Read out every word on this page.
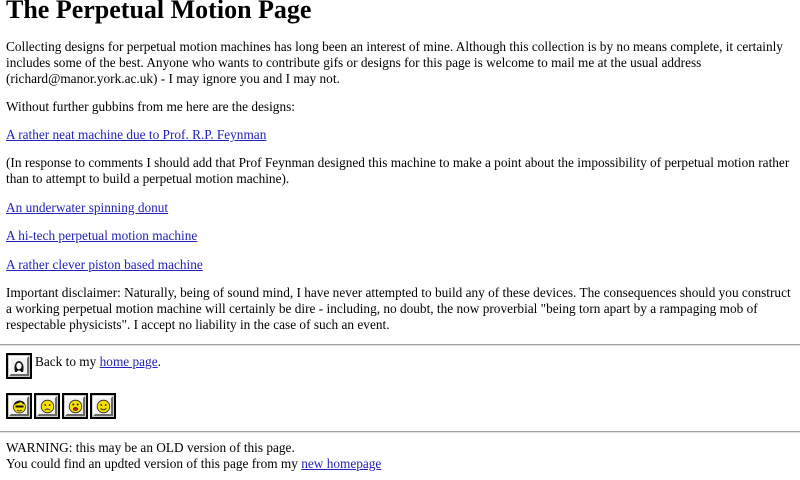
The Perpetual Motion Page

Collecting designs for perpetual motion machines has long been an interest of mine. Although this collection is by no means complete, it certainly includes some of the best. Anyone who wants to contribute gifs or designs for this page is welcome to mail me at the usual address (richard@manor.york.ac.uk) - I may ignore you and I may not.

Without further gubbins from me here are the designs:

A rather neat machine due to Prof. R.P. Feynman

(In response to comments I should add that Prof Feynman designed this machine to make a point about the impossibility of perpetual motion rather than to attempt to build a perpetual motion machine).

An underwater spinning donut

A hi-tech perpetual motion machine

A rather clever piston based machine

Important disclaimer: Naturally, being of sound mind, I have never attempted to build any of these devices. The consequences should you construct a working perpetual motion machine will certainly be dire - including, no doubt, the now proverbial "being torn apart by a rampaging mob of respectable physicists". I accept no liability in the case of such an event.

Back to my home page.
WARNING: this may be an OLD version of this page.
You could find an updted version of this page from my new homepage
